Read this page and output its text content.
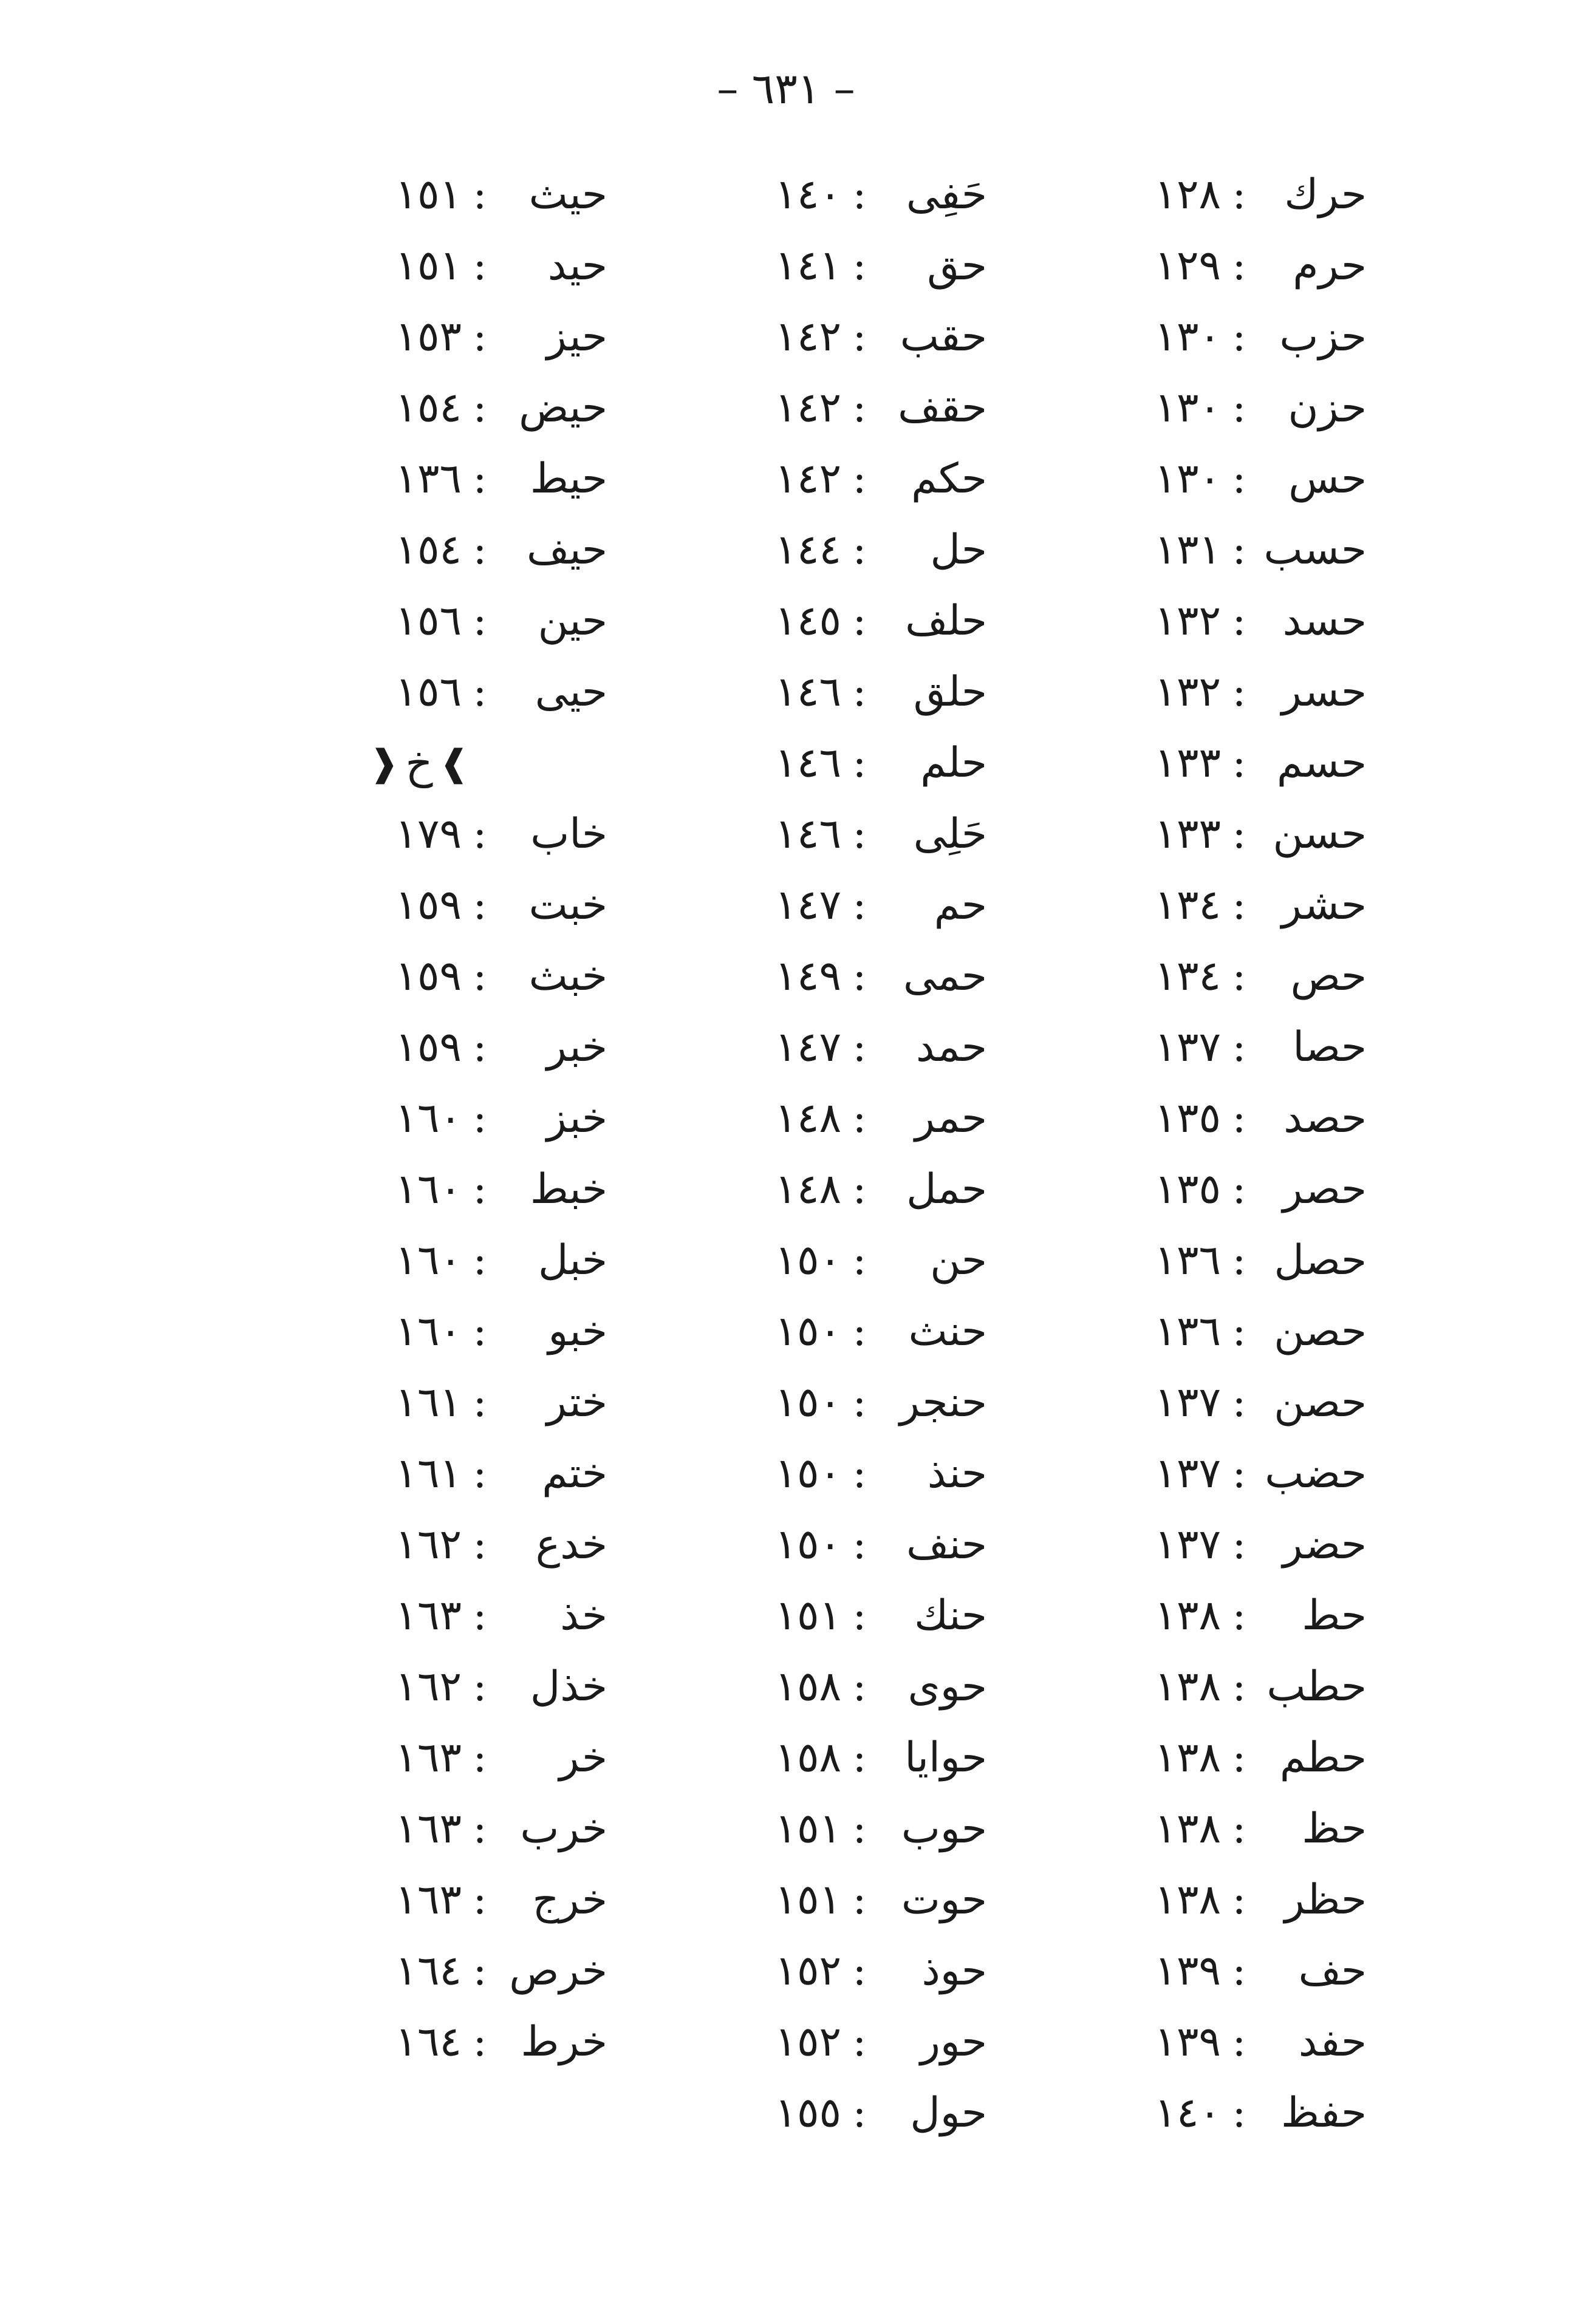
– ٦٣١ –
حرك
:
١٢٨
حرم
:
١٢٩
حزب
:
١٣٠
حزن
:
١٣٠
حس
:
١٣٠
حسب
:
١٣١
حسد
:
١٣٢
حسر
:
١٣٢
حسم
:
١٣٣
حسن
:
١٣٣
حشر
:
١٣٤
حص
:
١٣٤
حصا
:
١٣٧
حصد
:
١٣٥
حصر
:
١٣٥
حصل
:
١٣٦
حصن
:
١٣٦
حصن
:
١٣٧
حضب
:
١٣٧
حضر
:
١٣٧
حط
:
١٣٨
حطب
:
١٣٨
حطم
:
١٣٨
حظ
:
١٣٨
حظر
:
١٣٨
حف
:
١٣٩
حفد
:
١٣٩
حفظ
:
١٤٠
حَفِى
:
١٤٠
حق
:
١٤١
حقب
:
١٤٢
حقف
:
١٤٢
حكم
:
١٤٢
حل
:
١٤٤
حلف
:
١٤٥
حلق
:
١٤٦
حلم
:
١٤٦
حَلِى
:
١٤٦
حم
:
١٤٧
حمى
:
١٤٩
حمد
:
١٤٧
حمر
:
١٤٨
حمل
:
١٤٨
حن
:
١٥٠
حنث
:
١٥٠
حنجر
:
١٥٠
حنذ
:
١٥٠
حنف
:
١٥٠
حنك
:
١٥١
حوى
:
١٥٨
حوايا
:
١٥٨
حوب
:
١٥١
حوت
:
١٥١
حوذ
:
١٥٢
حور
:
١٥٢
حول
:
١٥٥
حيث
:
١٥١
حيد
:
١٥١
حيز
:
١٥٣
حيض
:
١٥٤
حيط
:
١٣٦
حيف
:
١٥٤
حين
:
١٥٦
حيى
:
١٥٦
❱
خ
❰
خاب
:
١٧٩
خبت
:
١٥٩
خبث
:
١٥٩
خبر
:
١٥٩
خبز
:
١٦٠
خبط
:
١٦٠
خبل
:
١٦٠
خبو
:
١٦٠
ختر
:
١٦١
ختم
:
١٦١
خدع
:
١٦٢
خذ
:
١٦٣
خذل
:
١٦٢
خر
:
١٦٣
خرب
:
١٦٣
خرج
:
١٦٣
خرص
:
١٦٤
خرط
:
١٦٤
